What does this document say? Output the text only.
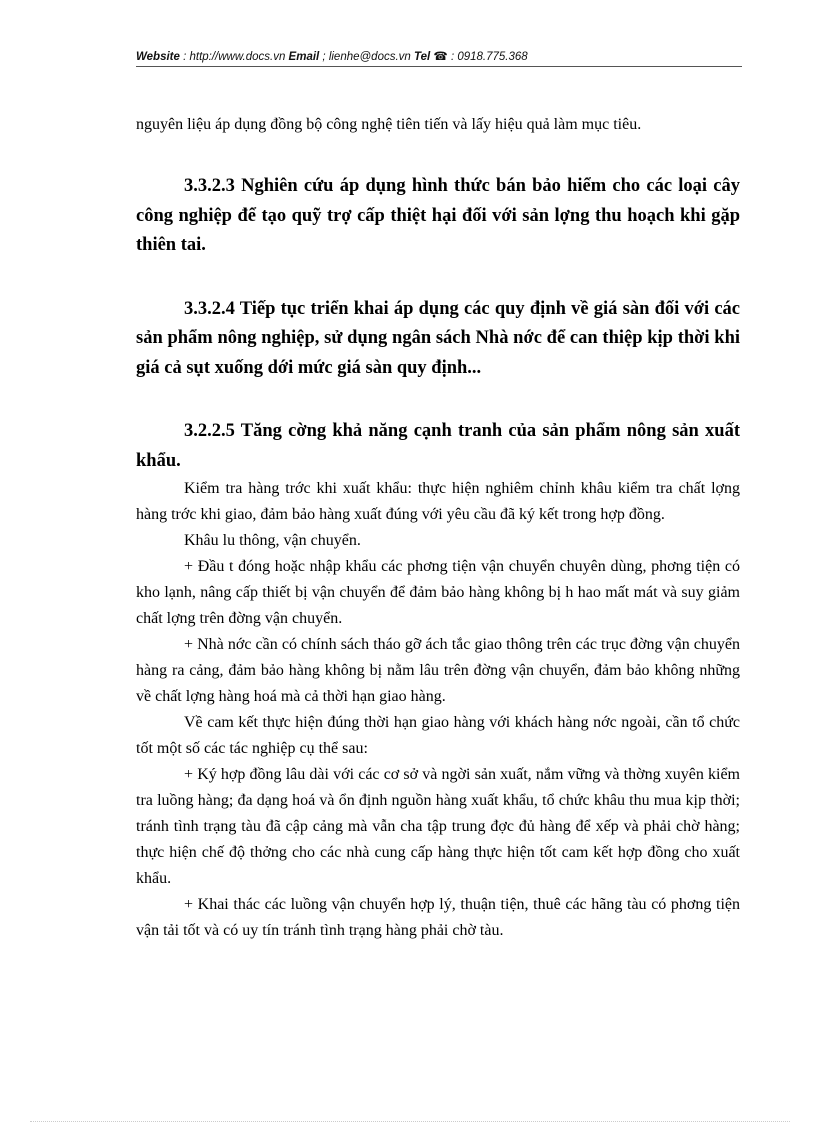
Website : http://www.docs.vn Email ; lienhe@docs.vn Tel ☎ : 0918.775.368

nguyên liệu áp dụng đồng bộ công nghệ tiên tiến và lấy hiệu quả làm mục tiêu.

3.3.2.3 Nghiên cứu áp dụng hình thức bán bảo hiểm cho các loại cây công nghiệp để tạo quỹ trợ cấp thiệt hại đối với sản lợng thu hoạch khi gặp thiên tai.

3.3.2.4 Tiếp tục triển khai áp dụng các quy định về giá sàn đối với các sản phẩm nông nghiệp, sử dụng ngân sách Nhà nớc để can thiệp kịp thời khi giá cả sụt xuống dới mức giá sàn quy định...

3.2.2.5 Tăng cờng khả năng cạnh tranh của sản phẩm nông sản xuất khẩu.

Kiểm tra hàng trớc khi xuất khẩu: thực hiện nghiêm chỉnh khâu kiểm tra chất lợng hàng trớc khi giao, đảm bảo hàng xuất đúng với yêu cầu đã ký kết trong hợp đồng.

Khâu lu thông, vận chuyển.

+ Đầu t đóng hoặc nhập khẩu các phơng tiện vận chuyển chuyên dùng, phơng tiện có kho lạnh, nâng cấp thiết bị vận chuyển để đảm bảo hàng không bị h hao mất mát và suy giảm chất lợng trên đờng vận chuyển.

+ Nhà nớc cần có chính sách tháo gỡ ách tắc giao thông trên các trục đờng vận chuyển hàng ra cảng, đảm bảo hàng không bị nằm lâu trên đờng vận chuyển, đảm bảo không những về chất lợng hàng hoá mà cả thời hạn giao hàng.

Về cam kết thực hiện đúng thời hạn giao hàng với khách hàng nớc ngoài, cần tổ chức tốt một số các tác nghiệp cụ thể sau:

+ Ký hợp đồng lâu dài với các cơ sở và ngời sản xuất, nắm vững và thờng xuyên kiểm tra luồng hàng; đa dạng hoá và ổn định nguồn hàng xuất khẩu, tổ chức khâu thu mua kịp thời; tránh tình trạng tàu đã cập cảng mà vẫn cha tập trung đợc đủ hàng để xếp và phải chờ hàng; thực hiện chế độ thởng cho các nhà cung cấp hàng thực hiện tốt cam kết hợp đồng cho xuất khẩu.

+ Khai thác các luồng vận chuyển hợp lý, thuận tiện, thuê các hãng tàu có phơng tiện vận tải tốt và có uy tín tránh tình trạng hàng phải chờ tàu.
